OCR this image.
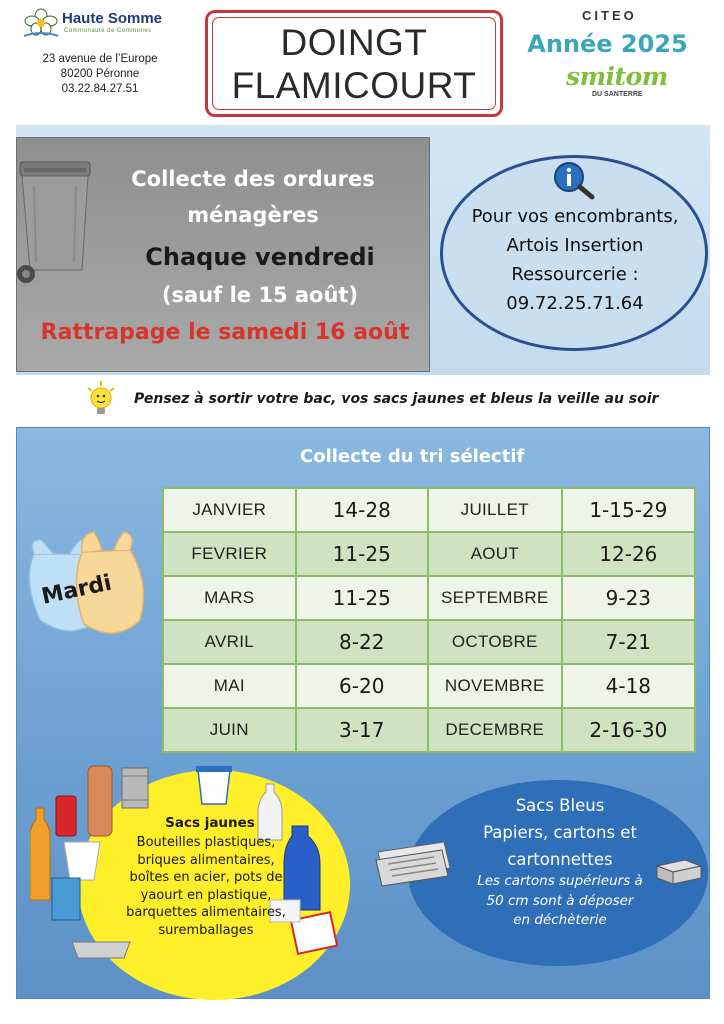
Haute Somme
Communauté de Communes
23 avenue de l’Europe
80200 Péronne
03.22.84.27.51
DOINGT
FLAMICOURT
CITEO
Année 2025
smitom
DU SANTERRE
Collecte des ordures
ménagères
Chaque vendredi
(sauf le 15 août)
Rattrapage le samedi 16 août
Pour vos encombrants,
Artois Insertion
Ressourcerie :
09.72.25.71.64
Pensez à sortir votre bac, vos sacs jaunes et bleus la veille au soir
Collecte du tri sélectif
Mardi
JANVIER	14-28	JUILLET	1-15-29
FEVRIER	11-25	AOUT	12-26
MARS	11-25	SEPTEMBRE	9-23
AVRIL	8-22	OCTOBRE	7-21
MAI	6-20	NOVEMBRE	4-18
JUIN	3-17	DECEMBRE	2-16-30
Sacs jaunes
Bouteilles plastiques,
briques alimentaires,
boîtes en acier, pots de
yaourt en plastique,
barquettes alimentaires,
suremballages
Sacs Bleus
Papiers, cartons et
cartonnettes
Les cartons supérieurs à
50 cm sont à déposer
en déchèterie
